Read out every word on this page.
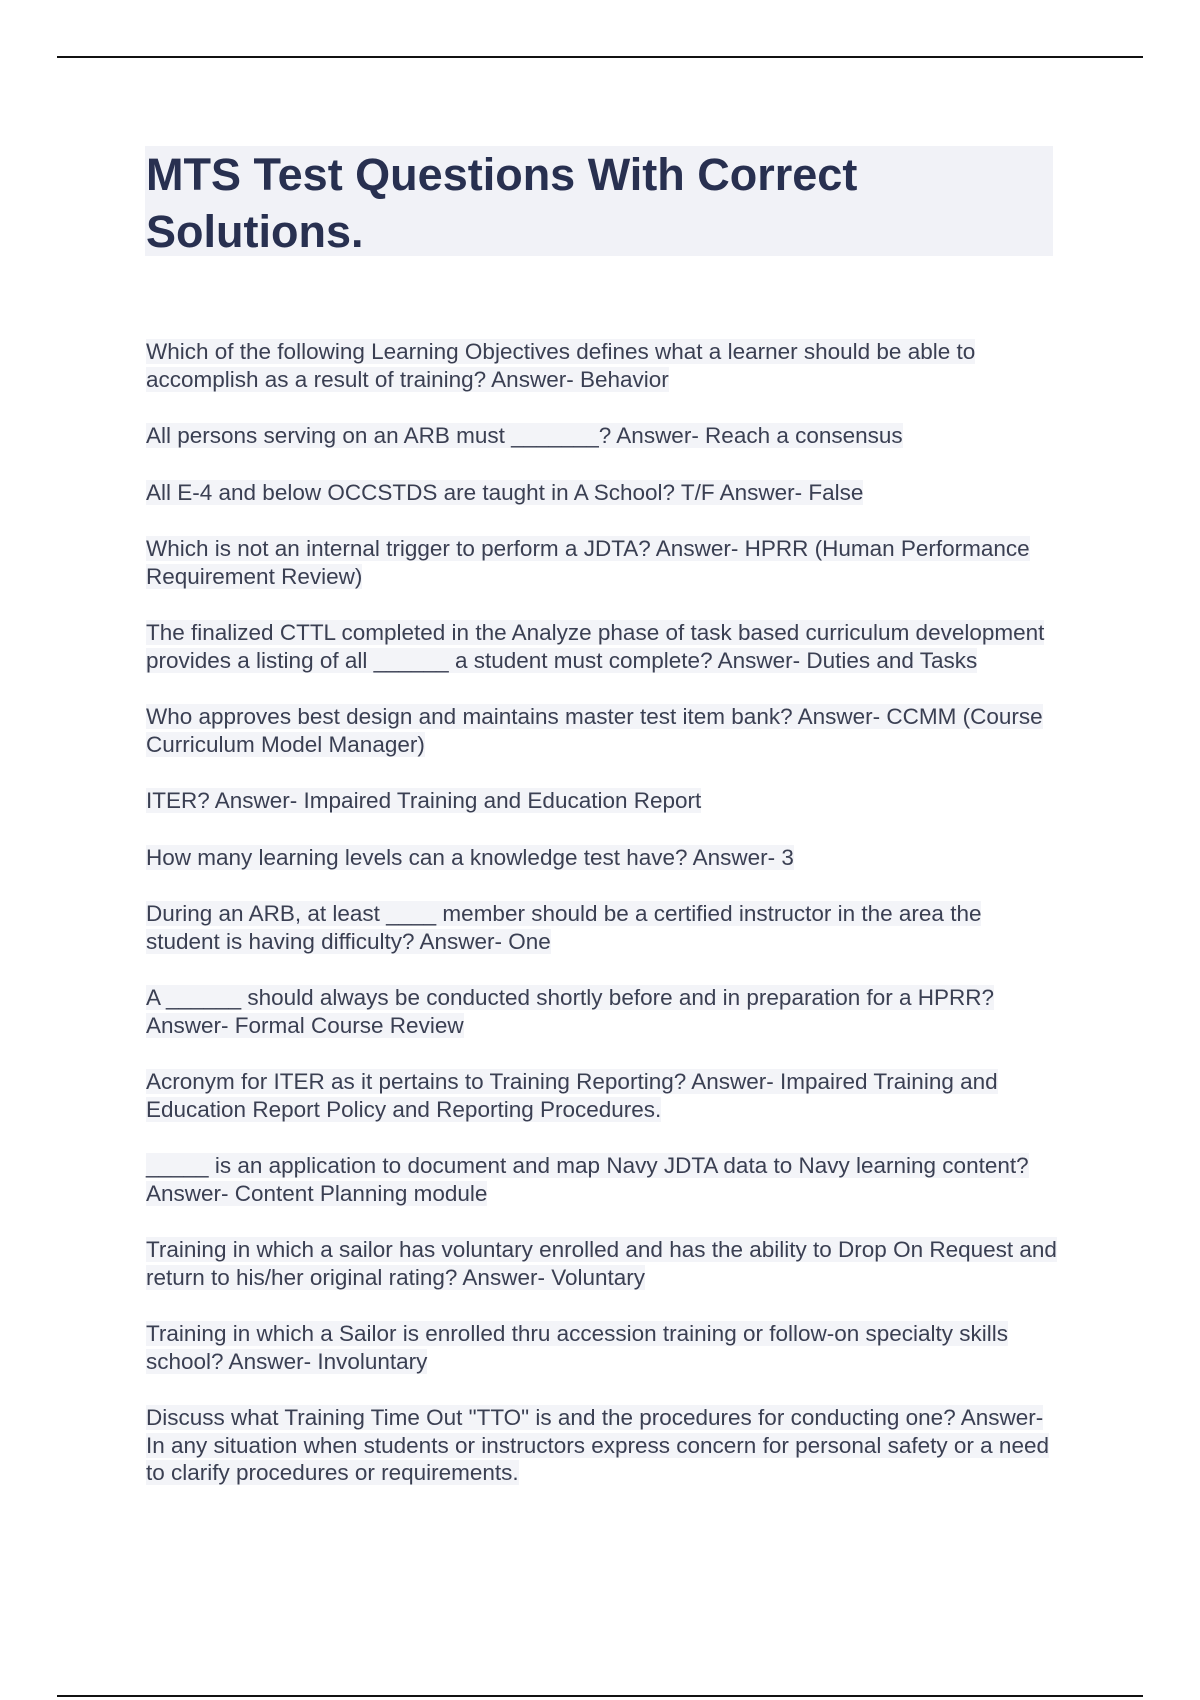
MTS Test Questions With Correct Solutions.

Which of the following Learning Objectives defines what a learner should be able to accomplish as a result of training? Answer- Behavior

All persons serving on an ARB must _______? Answer- Reach a consensus

All E-4 and below OCCSTDS are taught in A School? T/F Answer- False

Which is not an internal trigger to perform a JDTA? Answer- HPRR (Human Performance Requirement Review)

The finalized CTTL completed in the Analyze phase of task based curriculum development provides a listing of all ______ a student must complete? Answer- Duties and Tasks

Who approves best design and maintains master test item bank? Answer- CCMM (Course Curriculum Model Manager)

ITER? Answer- Impaired Training and Education Report

How many learning levels can a knowledge test have? Answer- 3

During an ARB, at least ____ member should be a certified instructor in the area the student is having difficulty? Answer- One

A ______ should always be conducted shortly before and in preparation for a HPRR? Answer- Formal Course Review

Acronym for ITER as it pertains to Training Reporting? Answer- Impaired Training and Education Report Policy and Reporting Procedures.

_____ is an application to document and map Navy JDTA data to Navy learning content? Answer- Content Planning module

Training in which a sailor has voluntary enrolled and has the ability to Drop On Request and return to his/her original rating? Answer- Voluntary

Training in which a Sailor is enrolled thru accession training or follow-on specialty skills school? Answer- Involuntary

Discuss what Training Time Out "TTO" is and the procedures for conducting one? Answer- In any situation when students or instructors express concern for personal safety or a need to clarify procedures or requirements.
